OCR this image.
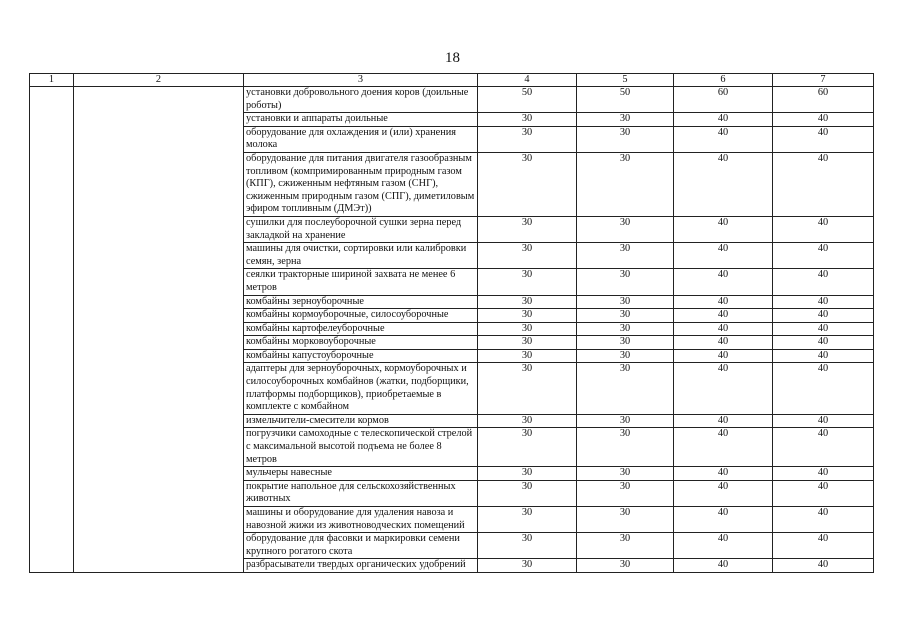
18
1	2	3	4	5	6	7
		установки добровольного доения коров (доильные роботы)	50	50	60	60
		установки и аппараты доильные	30	30	40	40
		оборудование для охлаждения и (или) хранения молока	30	30	40	40
		оборудование для питания двигателя газообразным топливом (компримированным природным газом (КПГ), сжиженным нефтяным газом (СНГ), сжиженным природным газом (СПГ), диметиловым эфиром топливным (ДМЭт))	30	30	40	40
		сушилки для послеуборочной сушки зерна перед закладкой на хранение	30	30	40	40
		машины для очистки, сортировки или калибровки семян, зерна	30	30	40	40
		сеялки тракторные шириной захвата не менее 6 метров	30	30	40	40
		комбайны зерноуборочные	30	30	40	40
		комбайны кормоуборочные, силосоуборочные	30	30	40	40
		комбайны картофелеуборочные	30	30	40	40
		комбайны морковоуборочные	30	30	40	40
		комбайны капустоуборочные	30	30	40	40
		адаптеры для зерноуборочных, кормоуборочных и силосоуборочных комбайнов (жатки, подборщики, платформы подборщиков), приобретаемые в комплекте с комбайном	30	30	40	40
		измельчители-смесители кормов	30	30	40	40
		погрузчики самоходные с телескопической стрелой с максимальной высотой подъема не более 8 метров	30	30	40	40
		мульчеры навесные	30	30	40	40
		покрытие напольное для сельскохозяйственных животных	30	30	40	40
		машины и оборудование для удаления навоза и навозной жижи из животноводческих помещений	30	30	40	40
		оборудование для фасовки и маркировки семени крупного рогатого скота	30	30	40	40
		разбрасыватели твердых органических удобрений	30	30	40	40
